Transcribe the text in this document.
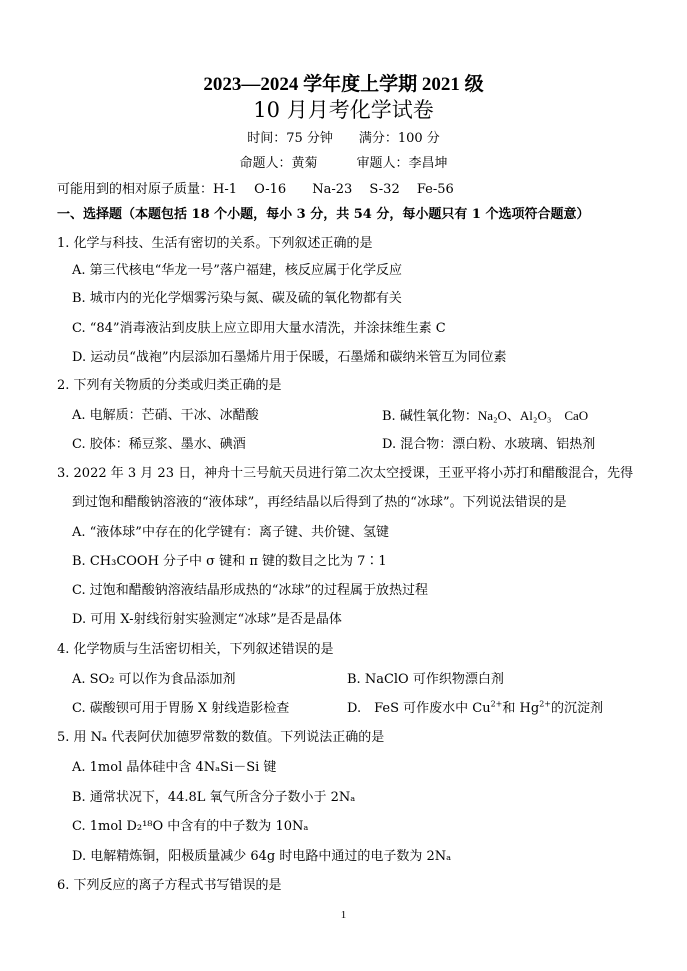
2023—2024 学年度上学期 2021 级
10 月月考化学试卷
时间：75 分钟　　满分：100 分
命题人：黄菊　　　审题人：李昌坤
可能用到的相对原子质量：H-1　 O-16　　Na-23　 S-32　 Fe-56
一、选择题（本题包括 18 个小题，每小 3 分，共 54 分，每小题只有 1 个选项符合题意）
1. 化学与科技、生活有密切的关系。下列叙述正确的是
A. 第三代核电“华龙一号”落户福建，核反应属于化学反应
B. 城市内的光化学烟雾污染与氮、碳及硫的氧化物都有关
C. “84”消毒液沾到皮肤上应立即用大量水清洗，并涂抹维生素 C
D. 运动员“战袍”内层添加石墨烯片用于保暖，石墨烯和碳纳米管互为同位素
2. 下列有关物质的分类或归类正确的是
A. 电解质：芒硝、干冰、冰醋酸	B. 碱性氧化物：Na₂O、Al₂O₃　CaO
C. 胶体：稀豆浆、墨水、碘酒	D. 混合物：漂白粉、水玻璃、铝热剂
3. 2022 年 3 月 23 日，神舟十三号航天员进行第二次太空授课，王亚平将小苏打和醋酸混合，先得
到过饱和醋酸钠溶液的“液体球”，再经结晶以后得到了热的“冰球”。下列说法错误的是
A. “液体球”中存在的化学键有：离子键、共价键、氢键
B. CH₃COOH 分子中 σ 键和 π 键的数目之比为 7∶1
C. 过饱和醋酸钠溶液结晶形成热的“冰球”的过程属于放热过程
D. 可用 X-射线衍射实验测定“冰球”是否是晶体
4. 化学物质与生活密切相关，下列叙述错误的是
A. SO₂ 可以作为食品添加剂	B. NaClO 可作织物漂白剂
C. 碳酸钡可用于胃肠 X 射线造影检查	D.　FeS 可作废水中 $Cu^{2+}$和 $Hg^{2+}$的沉淀剂
5. 用 Nₐ 代表阿伏加德罗常数的数值。下列说法正确的是
A. 1mol 晶体硅中含 4NₐSi－Si 键
B. 通常状况下，44.8L 氧气所含分子数小于 2Nₐ
C. 1mol D₂¹⁸O 中含有的中子数为 10Nₐ
D. 电解精炼铜，阳极质量减少 64g 时电路中通过的电子数为 2Nₐ
6. 下列反应的离子方程式书写错误的是
1
